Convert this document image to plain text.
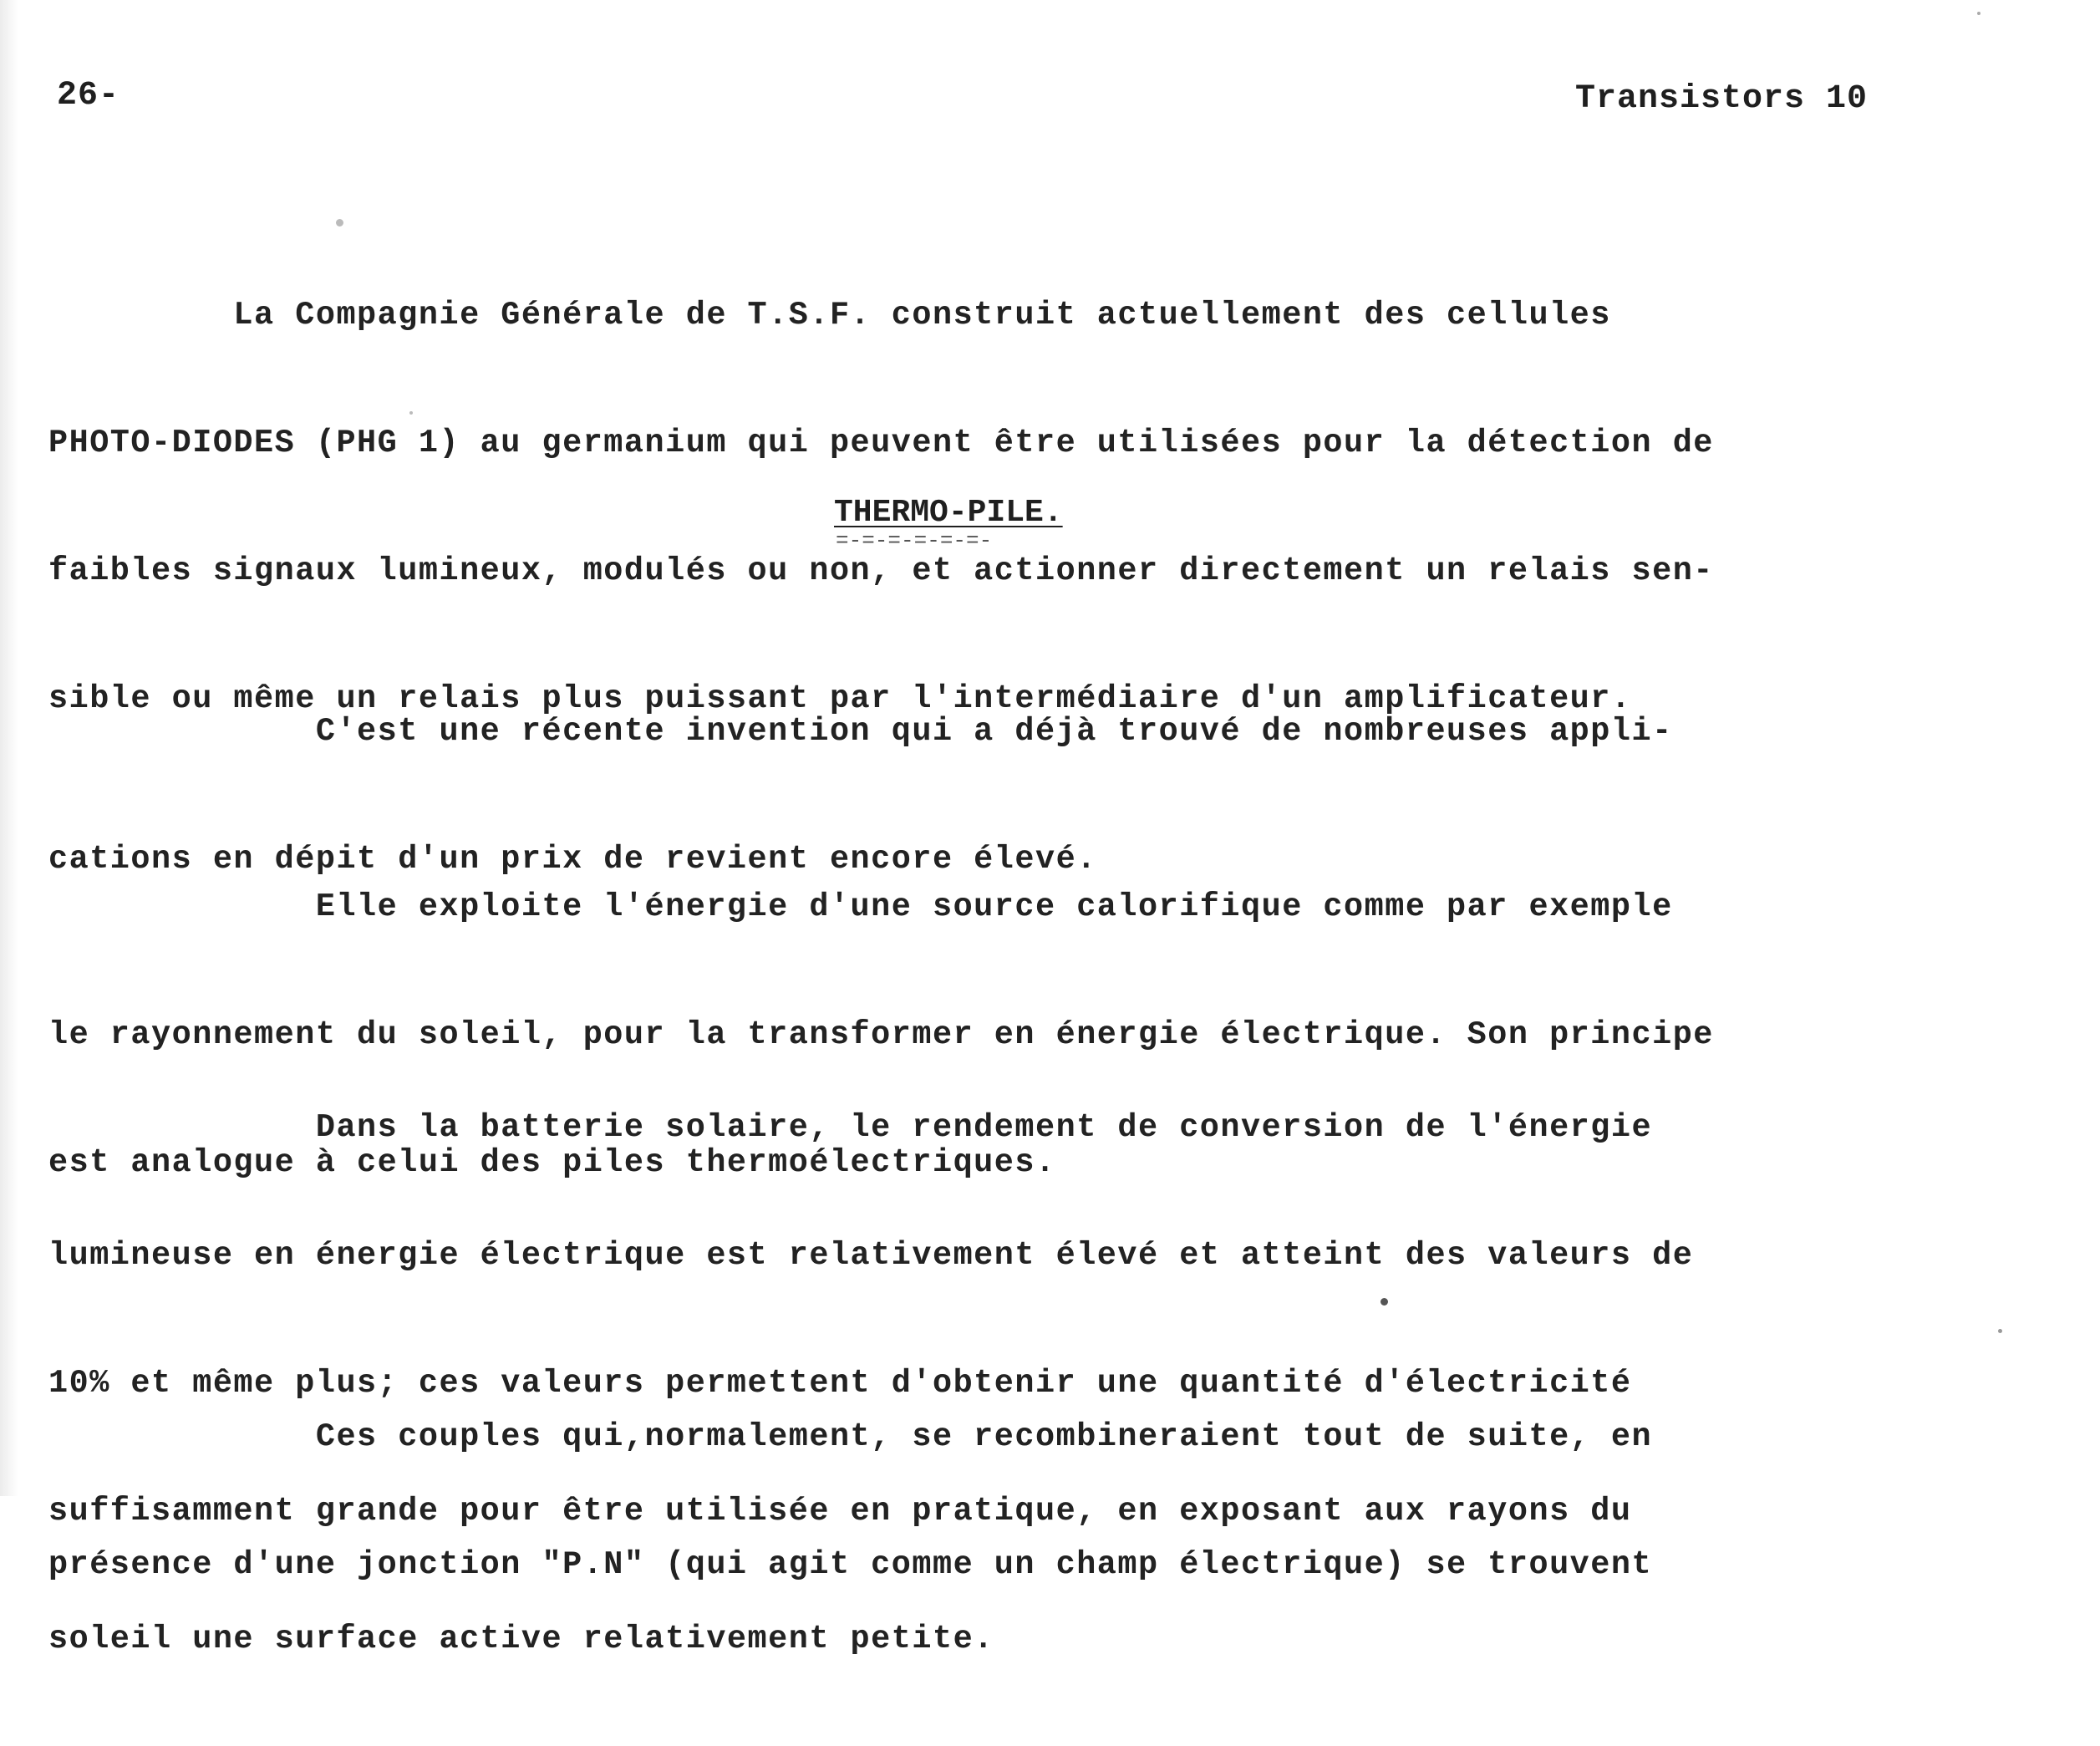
26-	Transistors 10

La Compagnie Générale de T.S.F. construit actuellement des cellules

PHOTO-DIODES (PHG 1) au germanium qui peuvent être utilisées pour la détection de

faibles signaux lumineux, modulés ou non, et actionner directement un relais sen-

sible ou même un relais plus puissant par l'intermédiaire d'un amplificateur.

THERMO-PILE.
=-=-=-=-=-=-

C'est une récente invention qui a déjà trouvé de nombreuses appli-

cations en dépit d'un prix de revient encore élevé.

Elle exploite l'énergie d'une source calorifique comme par exemple

le rayonnement du soleil, pour la transformer en énergie électrique. Son principe

est analogue à celui des piles thermoélectriques.

Dans la batterie solaire, le rendement de conversion de l'énergie

lumineuse en énergie électrique est relativement élevé et atteint des valeurs de

10% et même plus; ces valeurs permettent d'obtenir une quantité d'électricité

suffisamment grande pour être utilisée en pratique, en exposant aux rayons du

soleil une surface active relativement petite.

Ces couples qui,normalement, se recombineraient tout de suite, en

présence d'une jonction "P.N" (qui agit comme un champ électrique) se trouvent
